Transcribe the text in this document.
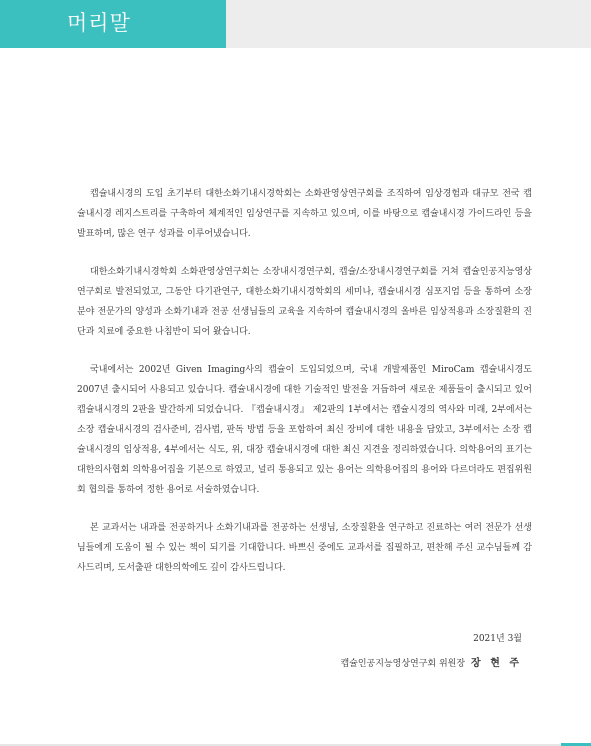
머리말

캡슐내시경의 도입 초기부터 대한소화기내시경학회는 소화관영상연구회를 조직하여 임상경험과 대규모 전국 캡슐내시경 레지스트리를 구축하여 체계적인 임상연구를 지속하고 있으며, 이를 바탕으로 캡슐내시경 가이드라인 등을 발표하며, 많은 연구 성과를 이루어냈습니다.

대한소화기내시경학회 소화관영상연구회는 소장내시경연구회, 캡슐/소장내시경연구회를 거쳐 캡슐인공지능영상연구회로 발전되었고, 그동안 다기관연구, 대한소화기내시경학회의 세미나, 캡슐내시경 심포지엄 등을 통하여 소장 분야 전문가의 양성과 소화기내과 전공 선생님들의 교육을 지속하여 캡슐내시경의 올바른 임상적용과 소장질환의 진단과 치료에 중요한 나침반이 되어 왔습니다.

국내에서는 2002년 Given Imaging사의 캡슐이 도입되었으며, 국내 개발제품인 MiroCam 캡슐내시경도 2007년 출시되어 사용되고 있습니다. 캡슐내시경에 대한 기술적인 발전을 거듭하여 새로운 제품들이 출시되고 있어 캡슐내시경의 2판을 발간하게 되었습니다. 『캡슐내시경』 제2판의 1부에서는 캡슐시경의 역사와 미래, 2부에서는 소장 캡슐내시경의 검사준비, 검사법, 판독 방법 등을 포함하여 최신 장비에 대한 내용을 담았고, 3부에서는 소장 캡슐내시경의 임상적용, 4부에서는 식도, 위, 대장 캡슐내시경에 대한 최신 지견을 정리하였습니다. 의학용어의 표기는 대한의사협회 의학용어집을 기본으로 하였고, 널리 통용되고 있는 용어는 의학용어집의 용어와 다르더라도 편집위원회 협의를 통하여 정한 용어로 서술하였습니다.

본 교과서는 내과를 전공하거나 소화기내과를 전공하는 선생님, 소장질환을 연구하고 진료하는 여러 전문가 선생님들에게 도움이 될 수 있는 책이 되기를 기대합니다. 바쁘신 중에도 교과서를 집필하고, 편찬해 주신 교수님들께 감사드리며, 도서출판 대한의학에도 깊이 감사드립니다.

2021년 3월
캡슐인공지능영상연구회 위원장 장 현 주
